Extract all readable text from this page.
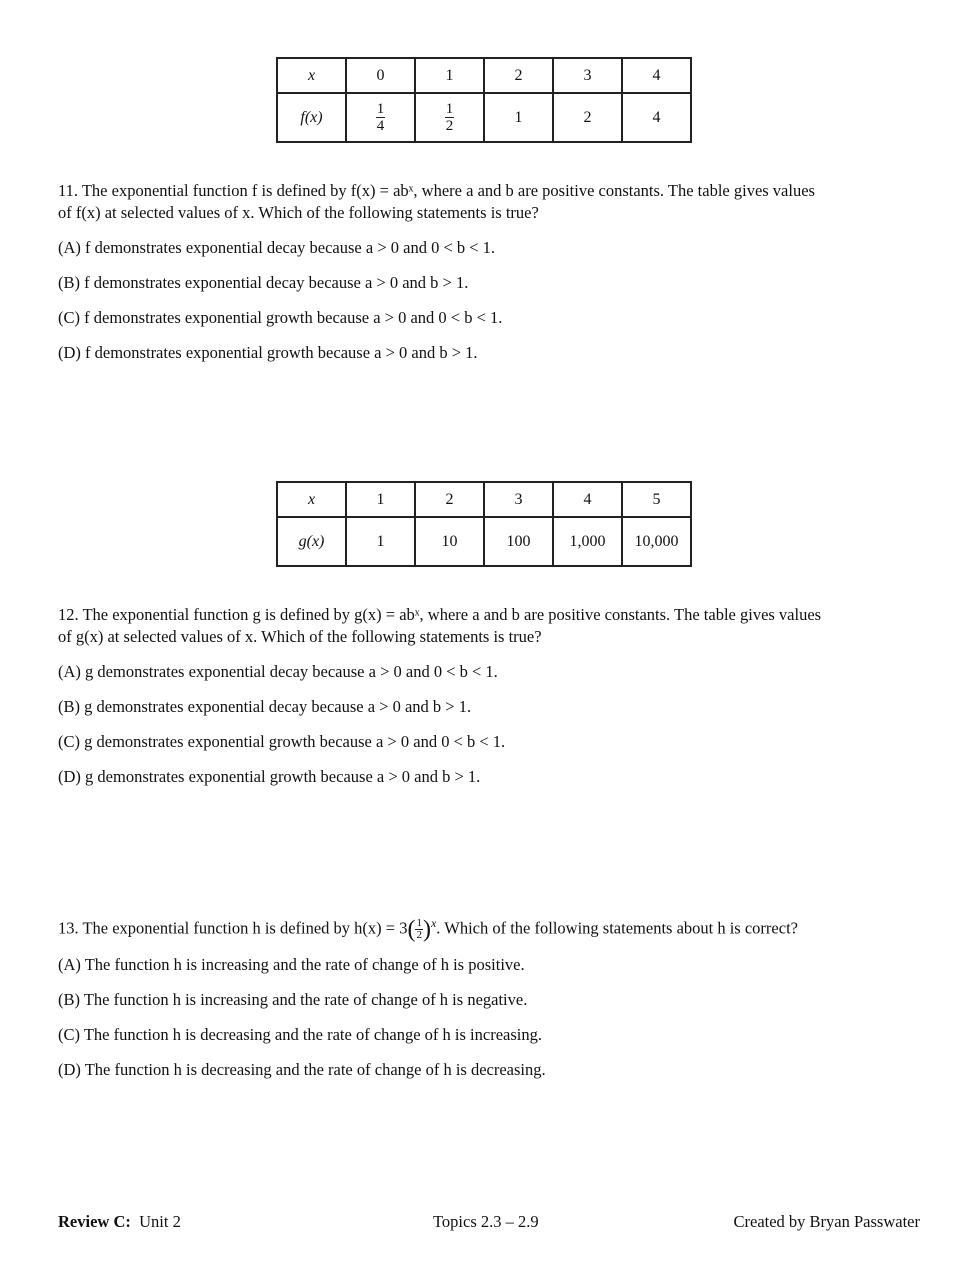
x	0	1	2	3	4
f(x)	$\frac{1}{4}$	$\frac{1}{2}$	1	2	4
11. The exponential function f is defined by f(x) = abˣ, where a and b are positive constants. The table gives values
of f(x) at selected values of x. Which of the following statements is true?
(A) f demonstrates exponential decay because a > 0 and 0 < b < 1.
(B) f demonstrates exponential decay because a > 0 and b > 1.
(C) f demonstrates exponential growth because a > 0 and 0 < b < 1.
(D) f demonstrates exponential growth because a > 0 and b > 1.
x	1	2	3	4	5
g(x)	1	10	100	1,000	10,000
12. The exponential function g is defined by g(x) = abˣ, where a and b are positive constants. The table gives values
of g(x) at selected values of x. Which of the following statements is true?
(A) g demonstrates exponential decay because a > 0 and 0 < b < 1.
(B) g demonstrates exponential decay because a > 0 and b > 1.
(C) g demonstrates exponential growth because a > 0 and 0 < b < 1.
(D) g demonstrates exponential growth because a > 0 and b > 1.
13. The exponential function h is defined by $h(x) = 3( \frac{1}{2} )^x$. Which of the following statements about h is correct?
(A) The function h is increasing and the rate of change of h is positive.
(B) The function h is increasing and the rate of change of h is negative.
(C) The function h is decreasing and the rate of change of h is increasing.
(D) The function h is decreasing and the rate of change of h is decreasing.
Review C:  Unit 2	Topics 2.3 – 2.9	Created by Bryan Passwater
